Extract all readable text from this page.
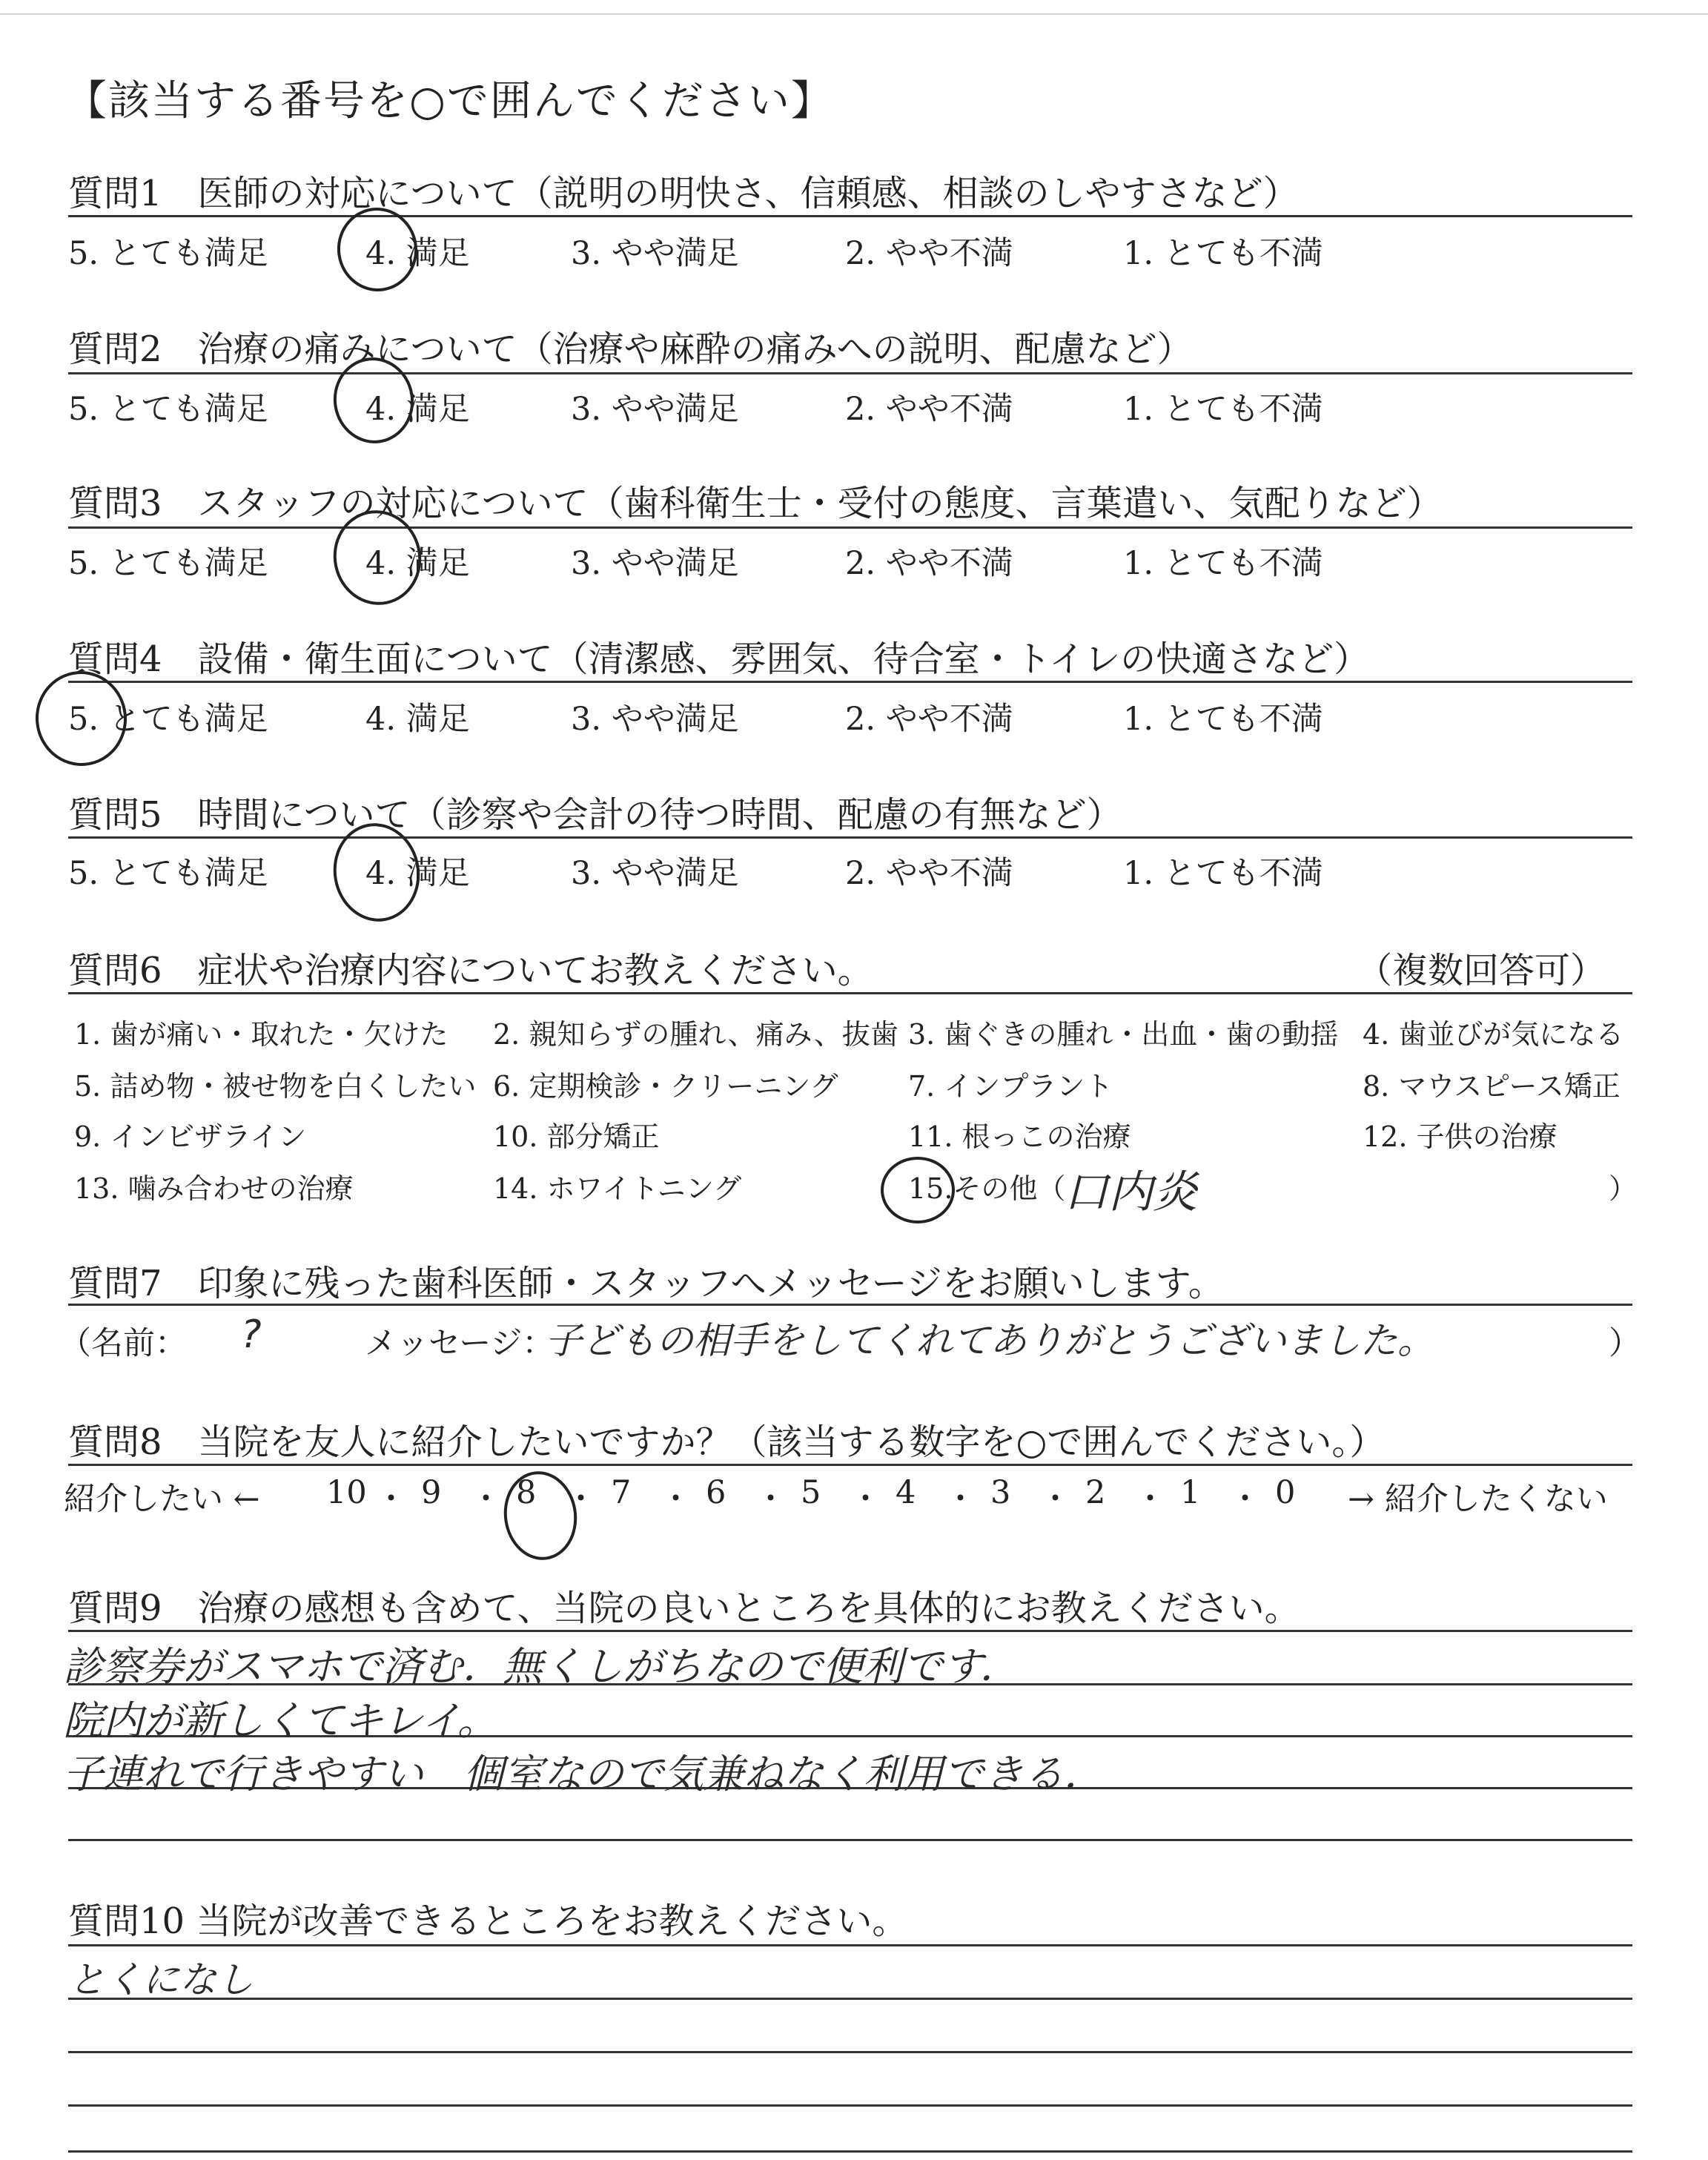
【該当する番号を○で囲んでください】
質問1　医師の対応について（説明の明快さ、信頼感、相談のしやすさなど）
5. とても満足	4. 満足	3. やや満足	2. やや不満	1. とても不満
質問2　治療の痛みについて（治療や麻酔の痛みへの説明、配慮など）
5. とても満足	4. 満足	3. やや満足	2. やや不満	1. とても不満
質問3　スタッフの対応について（歯科衛生士・受付の態度、言葉遣い、気配りなど）
5. とても満足	4. 満足	3. やや満足	2. やや不満	1. とても不満
質問4　設備・衛生面について（清潔感、雰囲気、待合室・トイレの快適さなど）
5. とても満足	4. 満足	3. やや満足	2. やや不満	1. とても不満
質問5　時間について（診察や会計の待つ時間、配慮の有無など）
5. とても満足	4. 満足	3. やや満足	2. やや不満	1. とても不満
質問6　症状や治療内容についてお教えください。	（複数回答可）
1. 歯が痛い・取れた・欠けた 2. 親知らずの腫れ、痛み、抜歯 3. 歯ぐきの腫れ・出血・歯の動揺 4. 歯並びが気になる
5. 詰め物・被せ物を白くしたい 6. 定期検診・クリーニング 7. インプラント	8. マウスピース矯正
9. インビザライン	10. 部分矯正	11. 根っこの治療	12. 子供の治療
13. 噛み合わせの治療	14. ホワイトニング	15.その他（
口内炎	）
質問7　印象に残った歯科医師・スタッフへメッセージをお願いします。
（名前： ?	メッセージ：
子どもの相手をしてくれてありがとうございました。	）
質問8　当院を友人に紹介したいですか？（該当する数字を○で囲んでください。）
紹介したい ← 10 ・ 9 ・ 8 ・ 7 ・ 6 ・ 5 ・ 4 ・ 3 ・ 2 ・ 1 ・ 0 → 紹介したくない
質問9　治療の感想も含めて、当院の良いところを具体的にお教えください。
診察券がスマホで済む．無くしがちなので便利です．
院内が新しくてキレイ。
子連れで行きやすい　個室なので気兼ねなく利用できる．
質問10 当院が改善できるところをお教えください。
とくになし
